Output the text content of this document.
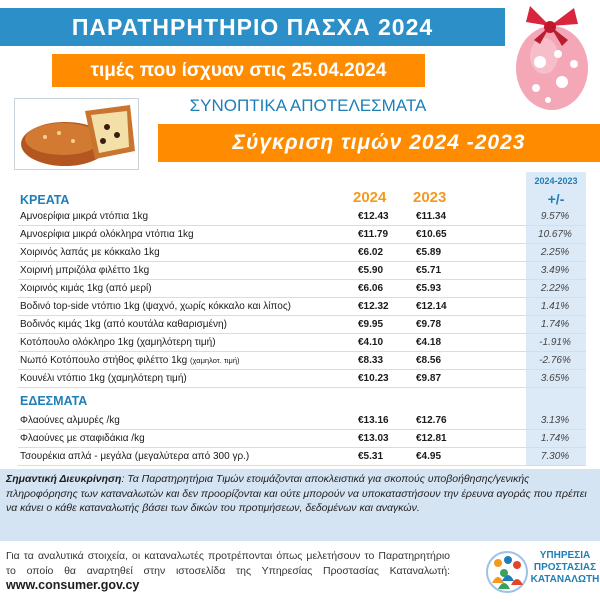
ΠΑΡΑΤΗΡΗΤΗΡΙΟ ΠΑΣΧΑ 2024
τιμές που ίσχυαν στις 25.04.2024
ΣΥΝΟΠΤΙΚΑ ΑΠΟΤΕΛΕΣΜΑΤΑ
Σύγκριση τιμών 2024 -2023
2024 2023
2024-2023
+/-
ΚΡΕΑΤΑ
Αμνοερίφια μικρά ντόπια 1kg	€12.43	€11.34	9.57%
Αμνοερίφια μικρά ολόκληρα ντόπια 1kg	€11.79	€10.65	10.67%
Χοιρινός λαπάς με κόκκαλο 1kg	€6.02	€5.89	2.25%
Χοιρινή μπριζόλα φιλέττο 1kg	€5.90	€5.71	3.49%
Χοιρινός κιμάς 1kg (από μερί)	€6.06	€5.93	2.22%
Βοδινό top-side ντόπιο 1kg (ψαχνό, χωρίς κόκκαλο και λίπος)	€12.32	€12.14	1.41%
Βοδινός κιμάς 1kg (από κουτάλα καθαρισμένη)	€9.95	€9.78	1.74%
Κοτόπουλο ολόκληρο 1kg (χαμηλότερη τιμή)	€4.10	€4.18	-1.91%
Νωπό Κοτόπουλο στήθος φιλέττο 1kg (χαμηλοτ. τιμή)	€8.33	€8.56	-2.76%
Κουνέλι ντόπιο 1kg (χαμηλότερη τιμή)	€10.23	€9.87	3.65%
ΕΔΕΣΜΑΤΑ
Φλαούνες αλμυρές /kg	€13.16	€12.76	3.13%
Φλαούνες με σταφιδάκια /kg	€13.03	€12.81	1.74%
Τσουρέκια απλά - μεγάλα (μεγαλύτερα από 300 γρ.)	€5.31	€4.95	7.30%
Σημαντική Διευκρίνηση: Τα Παρατηρητήρια Τιμών ετοιμάζονται αποκλειστικά για σκοπούς υποβοήθησης/γενικής πληροφόρησης των καταναλωτών και δεν προορίζονται και ούτε μπορούν να υποκαταστήσουν την έρευνα αγοράς που πρέπει να κάνει ο κάθε καταναλωτής βάσει των δικών του προτιμήσεων, δεδομένων και αναγκών.
Για τα αναλυτικά στοιχεία, οι καταναλωτές προτρέπονται όπως μελετήσουν το Παρατηρητήριο το οποίο θα αναρτηθεί στην ιστοσελίδα της Υπηρεσίας Προστασίας Καταναλωτή: www.consumer.gov.cy
ΥΠΗΡΕΣΙΑ
ΠΡΟΣΤΑΣΙΑΣ
ΚΑΤΑΝΑΛΩΤΗ
